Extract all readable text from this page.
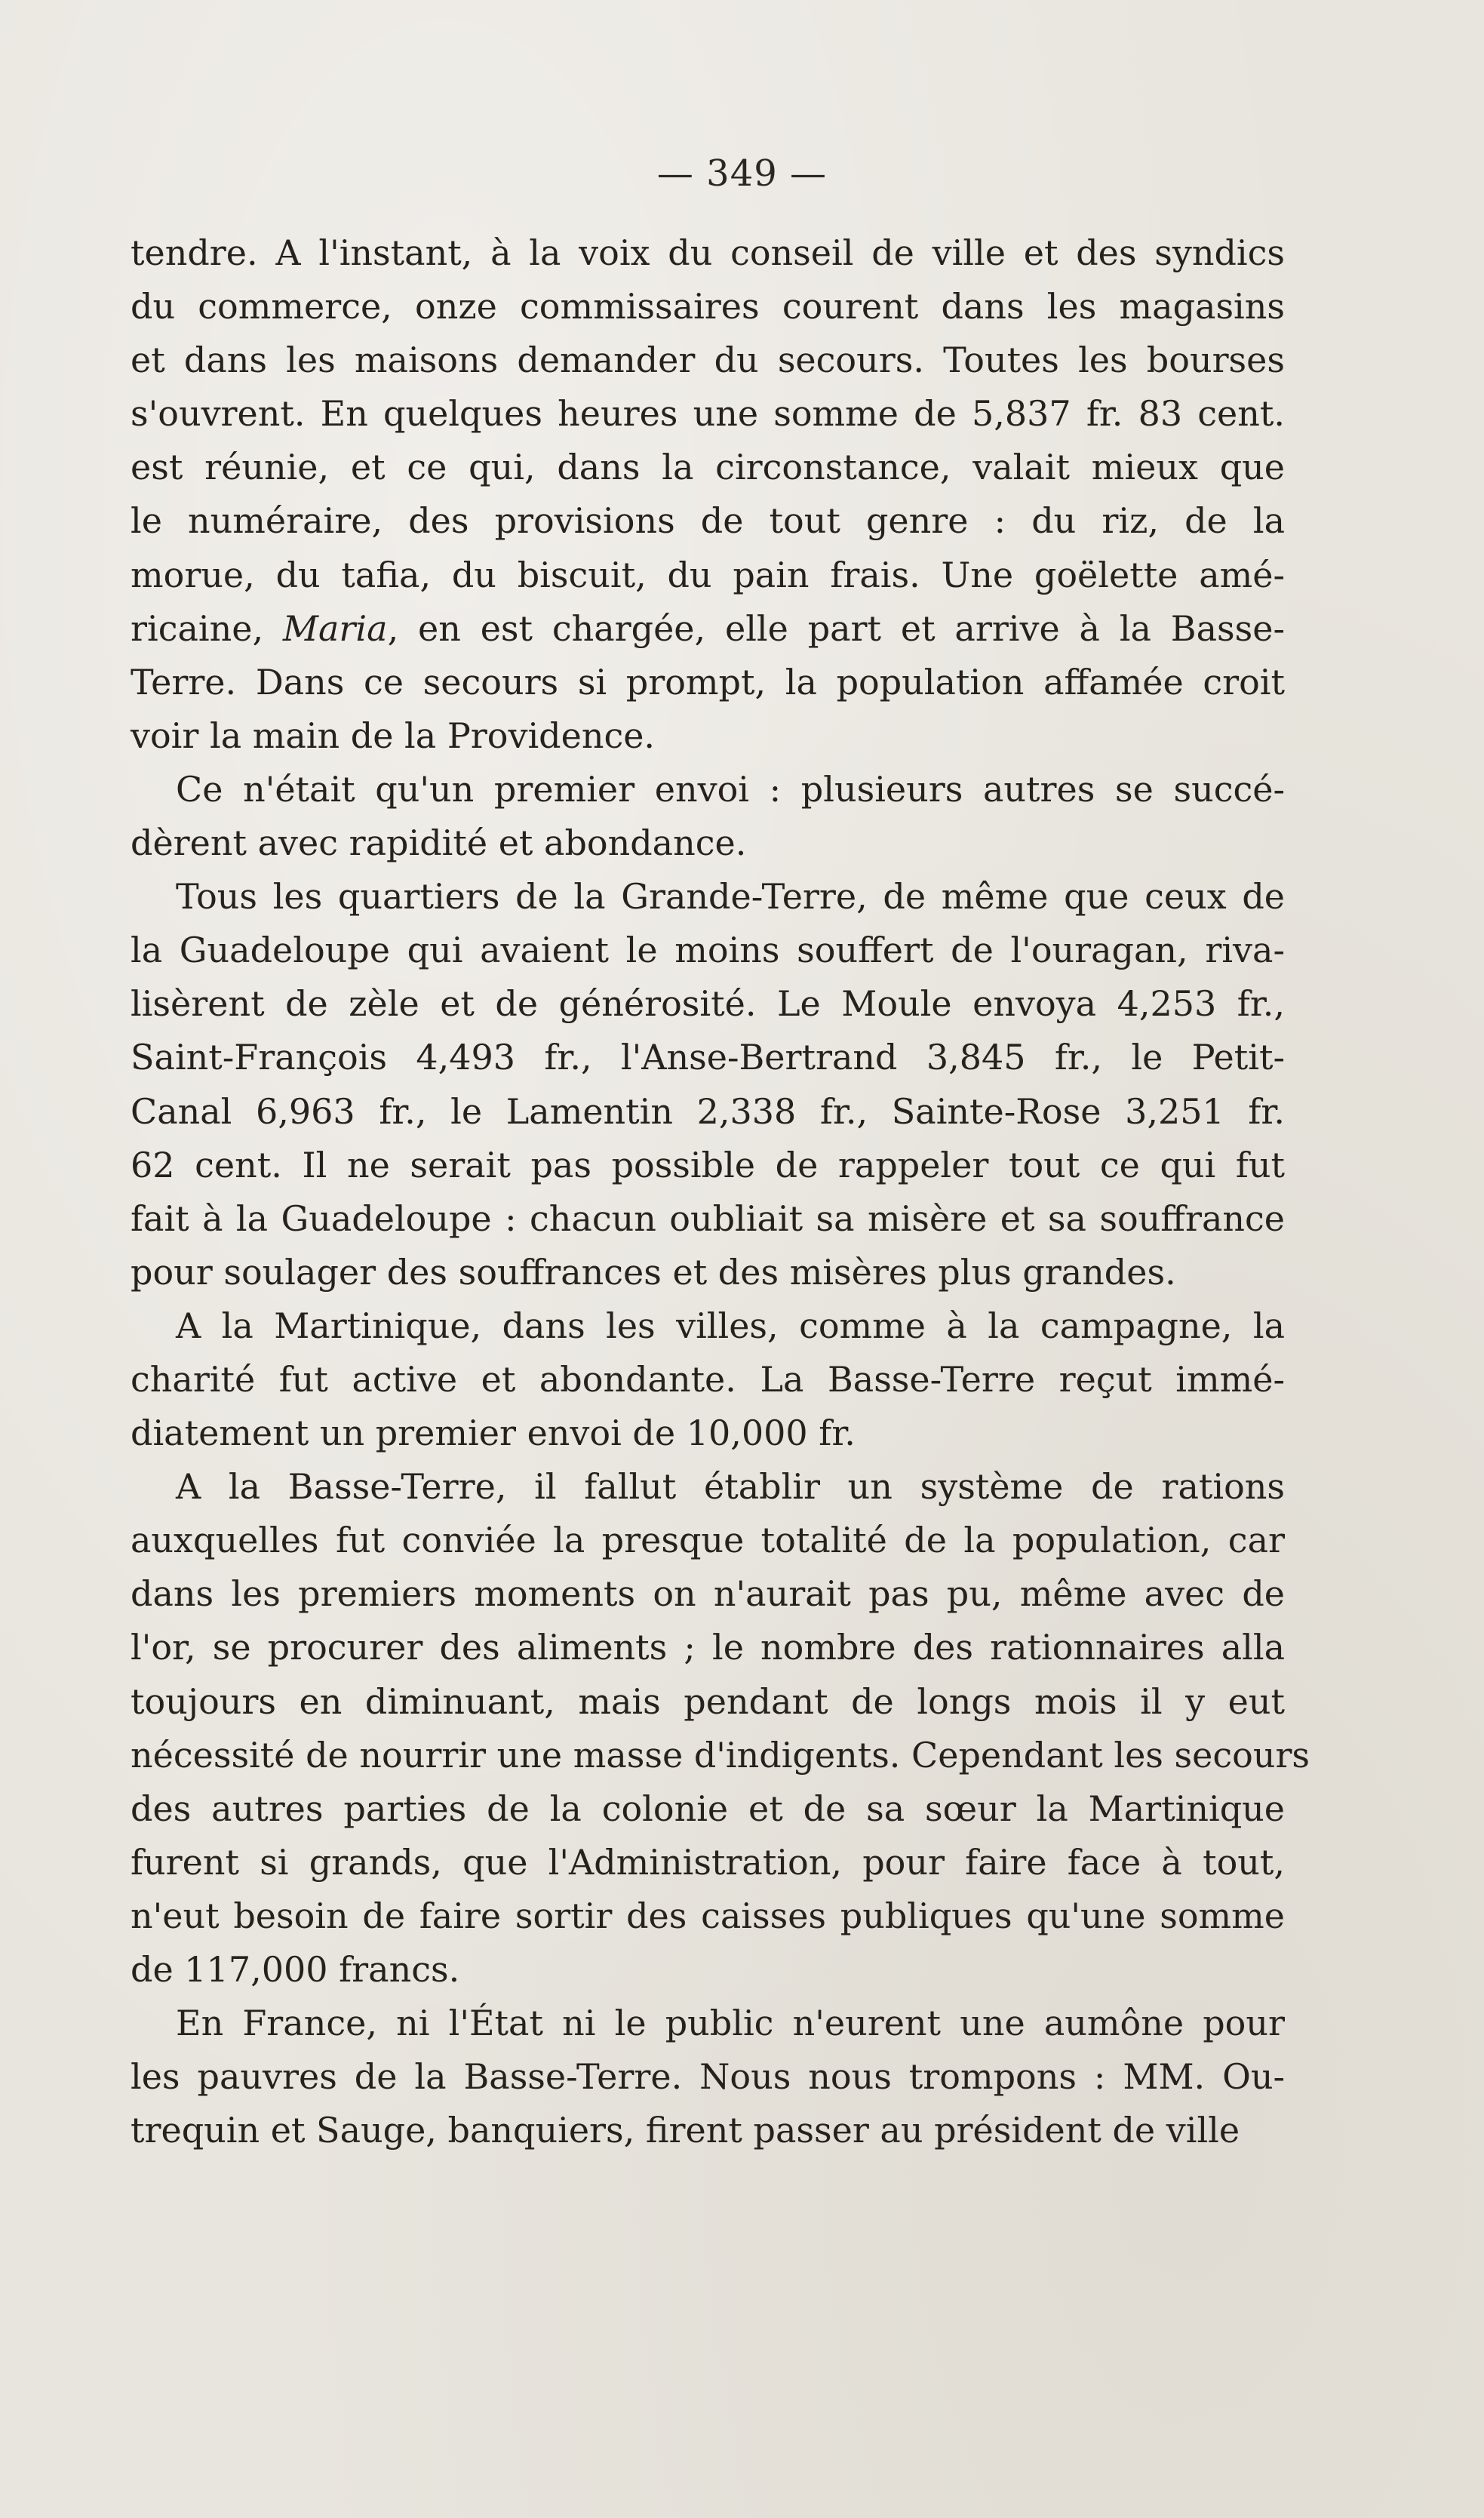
— 349 —
tendre. A l'instant, à la voix du conseil de ville et des syndics
du commerce, onze commissaires courent dans les magasins
et dans les maisons demander du secours. Toutes les bourses
s'ouvrent. En quelques heures une somme de 5,837 fr. 83 cent.
est réunie, et ce qui, dans la circonstance, valait mieux que
le numéraire, des provisions de tout genre : du riz, de la
morue, du tafia, du biscuit, du pain frais. Une goëlette amé-
ricaine, Maria, en est chargée, elle part et arrive à la Basse-
Terre. Dans ce secours si prompt, la population affamée croit
voir la main de la Providence.
Ce n'était qu'un premier envoi : plusieurs autres se succé-
dèrent avec rapidité et abondance.
Tous les quartiers de la Grande-Terre, de même que ceux de
la Guadeloupe qui avaient le moins souffert de l'ouragan, riva-
lisèrent de zèle et de générosité. Le Moule envoya 4,253 fr.,
Saint-François 4,493 fr., l'Anse-Bertrand 3,845 fr., le Petit-
Canal 6,963 fr., le Lamentin 2,338 fr., Sainte-Rose 3,251 fr.
62 cent. Il ne serait pas possible de rappeler tout ce qui fut
fait à la Guadeloupe : chacun oubliait sa misère et sa souffrance
pour soulager des souffrances et des misères plus grandes.
A la Martinique, dans les villes, comme à la campagne, la
charité fut active et abondante. La Basse-Terre reçut immé-
diatement un premier envoi de 10,000 fr.
A la Basse-Terre, il fallut établir un système de rations
auxquelles fut conviée la presque totalité de la population, car
dans les premiers moments on n'aurait pas pu, même avec de
l'or, se procurer des aliments ; le nombre des rationnaires alla
toujours en diminuant, mais pendant de longs mois il y eut
nécessité de nourrir une masse d'indigents. Cependant les secours
des autres parties de la colonie et de sa sœur la Martinique
furent si grands, que l'Administration, pour faire face à tout,
n'eut besoin de faire sortir des caisses publiques qu'une somme
de 117,000 francs.
En France, ni l'État ni le public n'eurent une aumône pour
les pauvres de la Basse-Terre. Nous nous trompons : MM. Ou-
trequin et Sauge, banquiers, firent passer au président de ville
